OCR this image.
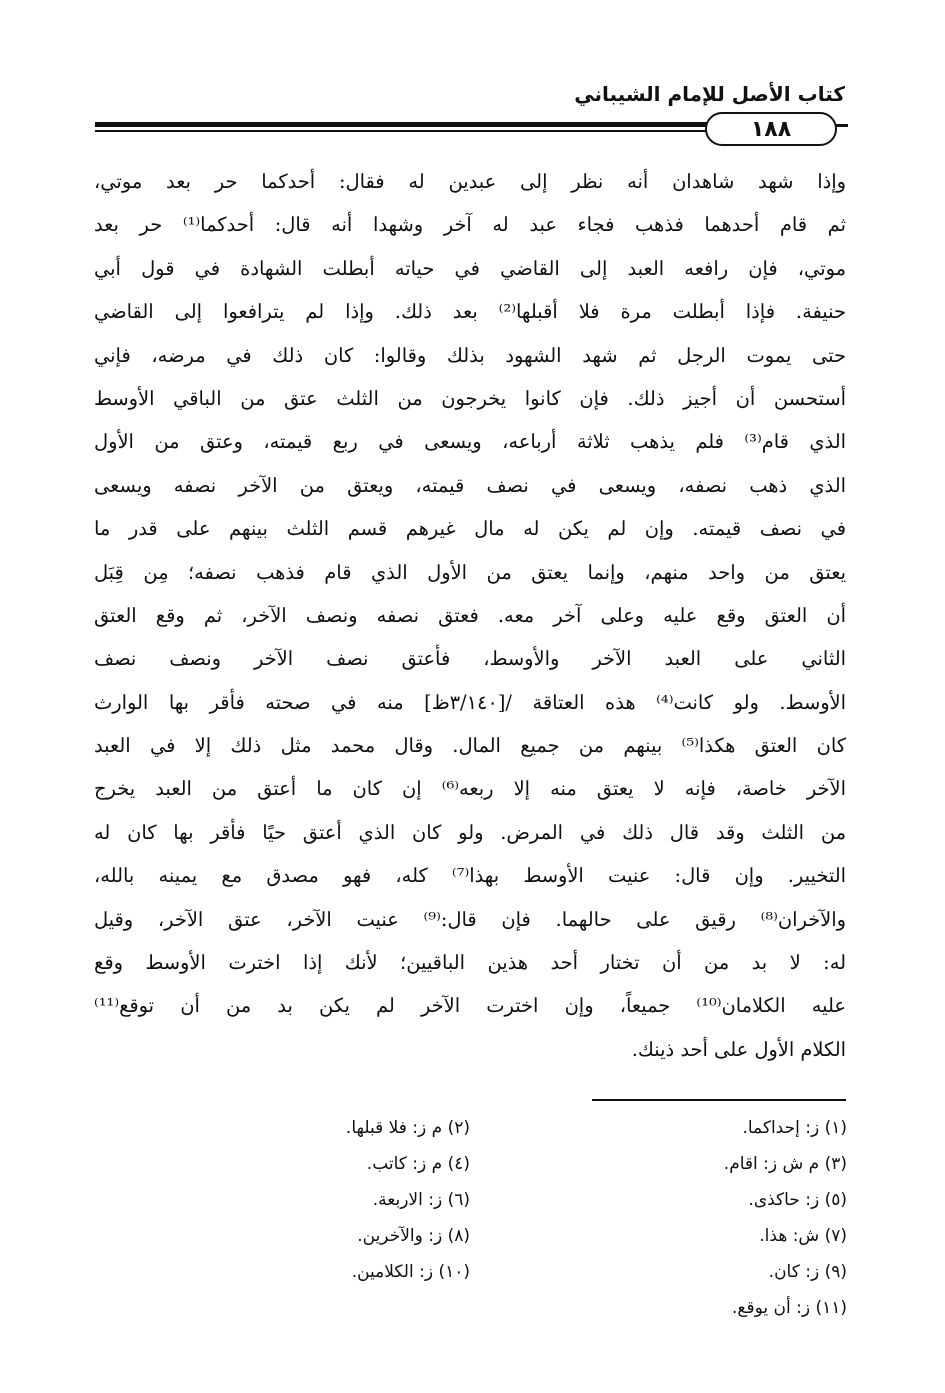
كتاب الأصل للإمام الشيباني
١٨٨
وإذا شهد شاهدان أنه نظر إلى عبدين له فقال: أحدكما حر بعد موتي،
ثم قام أحدهما فذهب فجاء عبد له آخر وشهدا أنه قال: أحدكما⁽¹⁾ حر بعد
موتي، فإن رافعه العبد إلى القاضي في حياته أبطلت الشهادة في قول أبي
حنيفة. فإذا أبطلت مرة فلا أقبلها⁽²⁾ بعد ذلك. وإذا لم يترافعوا إلى القاضي
حتى يموت الرجل ثم شهد الشهود بذلك وقالوا: كان ذلك في مرضه، فإني
أستحسن أن أجيز ذلك. فإن كانوا يخرجون من الثلث عتق من الباقي الأوسط
الذي قام⁽³⁾ فلم يذهب ثلاثة أرباعه، ويسعى في ربع قيمته، وعتق من الأول
الذي ذهب نصفه، ويسعى في نصف قيمته، ويعتق من الآخر نصفه ويسعى
في نصف قيمته. وإن لم يكن له مال غيرهم قسم الثلث بينهم على قدر ما
يعتق من واحد منهم، وإنما يعتق من الأول الذي قام فذهب نصفه؛ مِن قِبَل
أن العتق وقع عليه وعلى آخر معه. فعتق نصفه ونصف الآخر، ثم وقع العتق
الثاني على العبد الآخر والأوسط، فأعتق نصف الآخر ونصف نصف
الأوسط. ولو كانت⁽⁴⁾ هذه العتاقة /[٣/١٤٠ظ] منه في صحته فأقر بها الوارث
كان العتق هكذا⁽⁵⁾ بينهم من جميع المال. وقال محمد مثل ذلك إلا في العبد
الآخر خاصة، فإنه لا يعتق منه إلا ربعه⁽⁶⁾ إن كان ما أعتق من العبد يخرج
من الثلث وقد قال ذلك في المرض. ولو كان الذي أعتق حيًا فأقر بها كان له
التخيير. وإن قال: عنيت الأوسط بهذا⁽⁷⁾ كله، فهو مصدق مع يمينه بالله،
والآخران⁽⁸⁾ رقيق على حالهما. فإن قال:⁽⁹⁾ عنيت الآخر، عتق الآخر، وقيل
له: لا بد من أن تختار أحد هذين الباقيين؛ لأنك إذا اخترت الأوسط وقع
عليه الكلامان⁽¹⁰⁾ جميعاً، وإن اخترت الآخر لم يكن بد من أن توقع⁽¹¹⁾
الكلام الأول على أحد ذينك.
(١) ز: إحداكما.
(٣) م ش ز: اقام.
(٥) ز: حاكذى.
(٧) ش: هذا.
(٩) ز: كان.
(١١) ز: أن يوقع.
(٢) م ز: فلا قبلها.
(٤) م ز: كاتب.
(٦) ز: الاربعة.
(٨) ز: والآخرين.
(١٠) ز: الكلامين.
